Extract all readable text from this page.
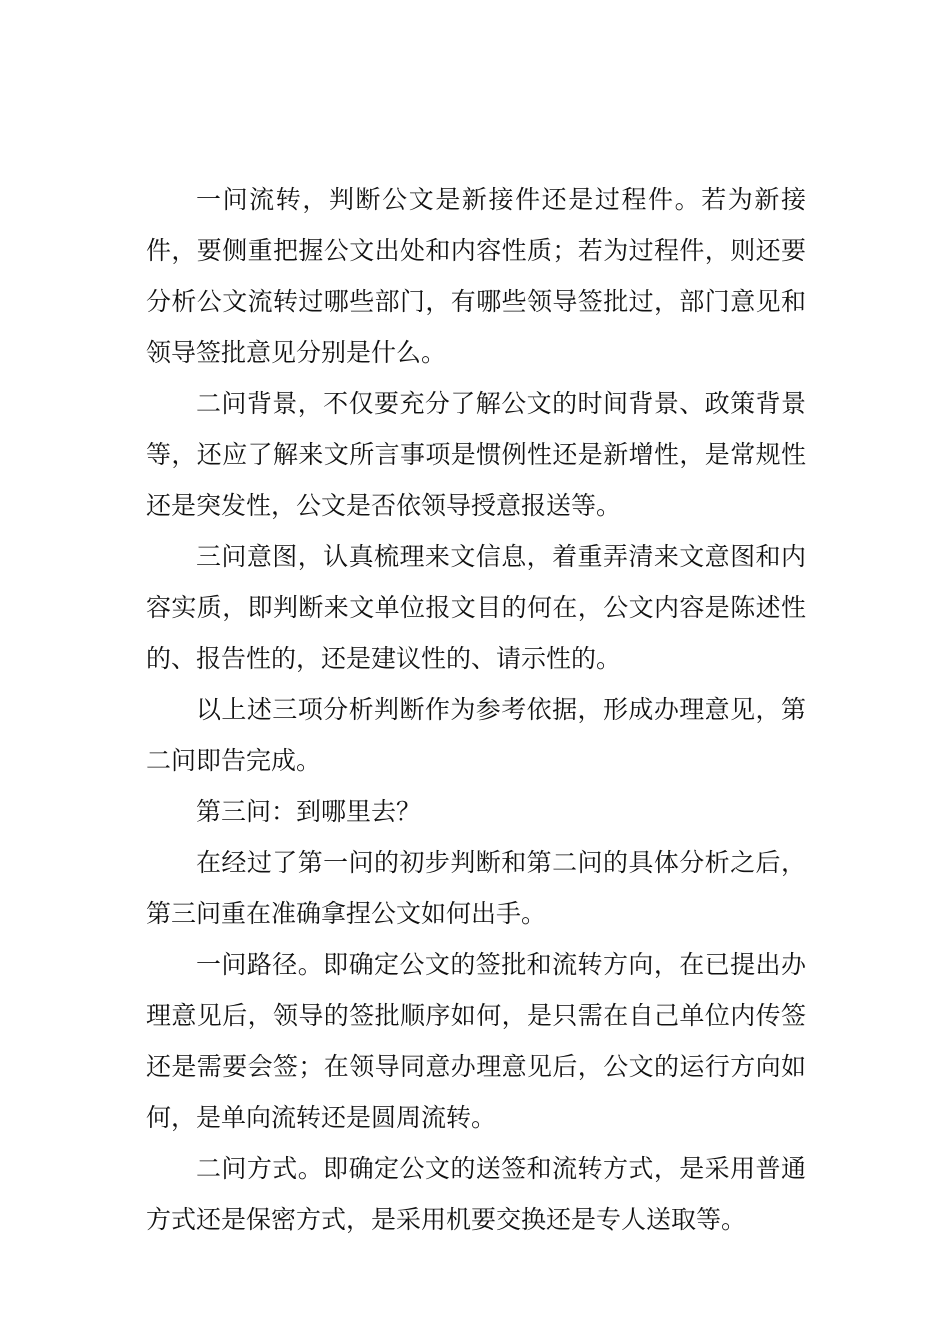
一问流转，判断公文是新接件还是过程件。若为新接件，要侧重把握公文出处和内容性质；若为过程件，则还要分析公文流转过哪些部门，有哪些领导签批过，部门意见和领导签批意见分别是什么。

二问背景，不仅要充分了解公文的时间背景、政策背景等，还应了解来文所言事项是惯例性还是新增性，是常规性还是突发性，公文是否依领导授意报送等。

三问意图，认真梳理来文信息，着重弄清来文意图和内容实质，即判断来文单位报文目的何在，公文内容是陈述性的、报告性的，还是建议性的、请示性的。

以上述三项分析判断作为参考依据，形成办理意见，第二问即告完成。

第三问：到哪里去？

在经过了第一问的初步判断和第二问的具体分析之后，第三问重在准确拿捏公文如何出手。

一问路径。即确定公文的签批和流转方向，在已提出办理意见后，领导的签批顺序如何，是只需在自己单位内传签还是需要会签；在领导同意办理意见后，公文的运行方向如何，是单向流转还是圆周流转。

二问方式。即确定公文的送签和流转方式，是采用普通方式还是保密方式，是采用机要交换还是专人送取等。
